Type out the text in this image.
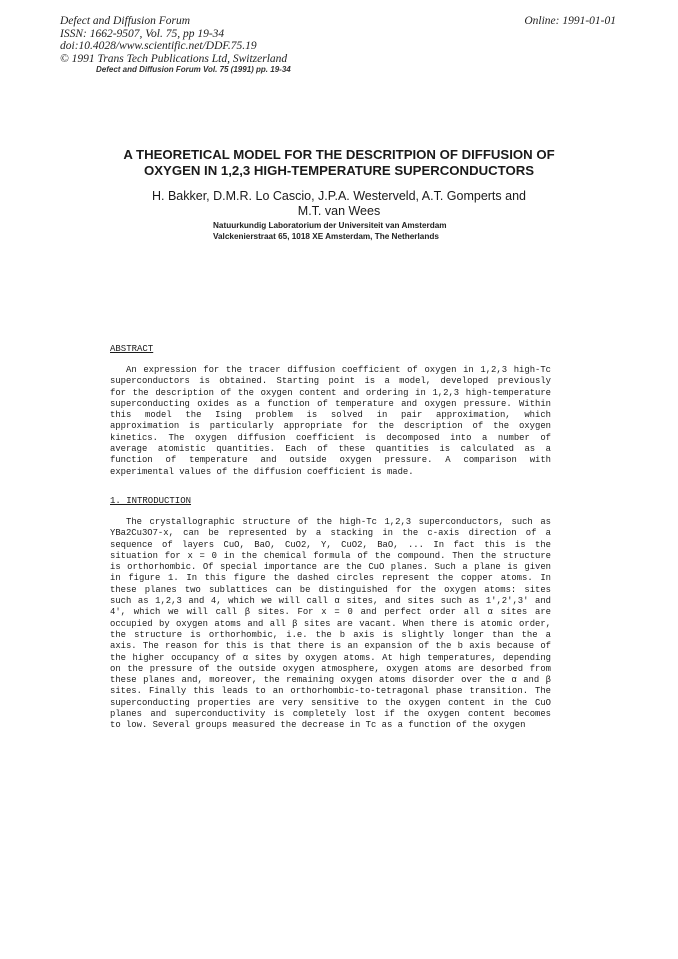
Defect and Diffusion Forum
ISSN: 1662-9507, Vol. 75, pp 19-34
doi:10.4028/www.scientific.net/DDF.75.19
© 1991 Trans Tech Publications Ltd, Switzerland
Online: 1991-01-01
Defect and Diffusion Forum Vol. 75 (1991) pp. 19-34
A THEORETICAL MODEL FOR THE DESCRITPION OF DIFFUSION OF
OXYGEN IN 1,2,3 HIGH-TEMPERATURE SUPERCONDUCTORS
H. Bakker, D.M.R. Lo Cascio, J.P.A. Westerveld, A.T. Gomperts and
M.T. van Wees
Natuurkundig Laboratorium der Universiteit van Amsterdam
Valckenierstraat 65, 1018 XE Amsterdam, The Netherlands
ABSTRACT
An expression for the tracer diffusion coefficient of oxygen in 1,2,3 high-Tc
superconductors is obtained. Starting point is a model, developed previously
for the description of the oxygen content and ordering in 1,2,3 high-temperature
superconducting oxides as a function of temperature and oxygen pressure. Within
this model the Ising problem is solved in pair approximation, which
approximation is particularly appropriate for the description of the oxygen
kinetics. The oxygen diffusion coefficient is decomposed into a number of
average atomistic quantities. Each of these quantities is calculated as a
function of temperature and outside oxygen pressure. A comparison with
experimental values of the diffusion coefficient is made.
1. INTRODUCTION
The crystallographic structure of the high-Tc 1,2,3 superconductors, such as
YBa2Cu3O7-x, can be represented by a stacking in the c-axis direction of a
sequence of layers CuO, BaO, CuO2, Y, CuO2, BaO, ... In fact this is the
situation for x = 0 in the chemical formula of the compound. Then the structure
is orthorhombic. Of special importance are the CuO planes. Such a plane is given
in figure 1. In this figure the dashed circles represent the copper atoms. In
these planes two sublattices can be distinguished for the oxygen atoms: sites
such as 1,2,3 and 4, which we will call α sites, and sites such as 1',2',3' and
4', which we will call β sites. For x = 0 and perfect order all α sites are
occupied by oxygen atoms and all β sites are vacant. When there is atomic order,
the structure is orthorhombic, i.e. the b axis is slightly longer than the a
axis. The reason for this is that there is an expansion of the b axis because of
the higher occupancy of α sites by oxygen atoms. At high temperatures, depending
on the pressure of the outside oxygen atmosphere, oxygen atoms are desorbed from
these planes and, moreover, the remaining oxygen atoms disorder over the α and β
sites. Finally this leads to an orthorhombic-to-tetragonal phase transition. The
superconducting properties are very sensitive to the oxygen content in the CuO
planes and superconductivity is completely lost if the oxygen content becomes
to low. Several groups measured the decrease in Tc as a function of the oxygen
